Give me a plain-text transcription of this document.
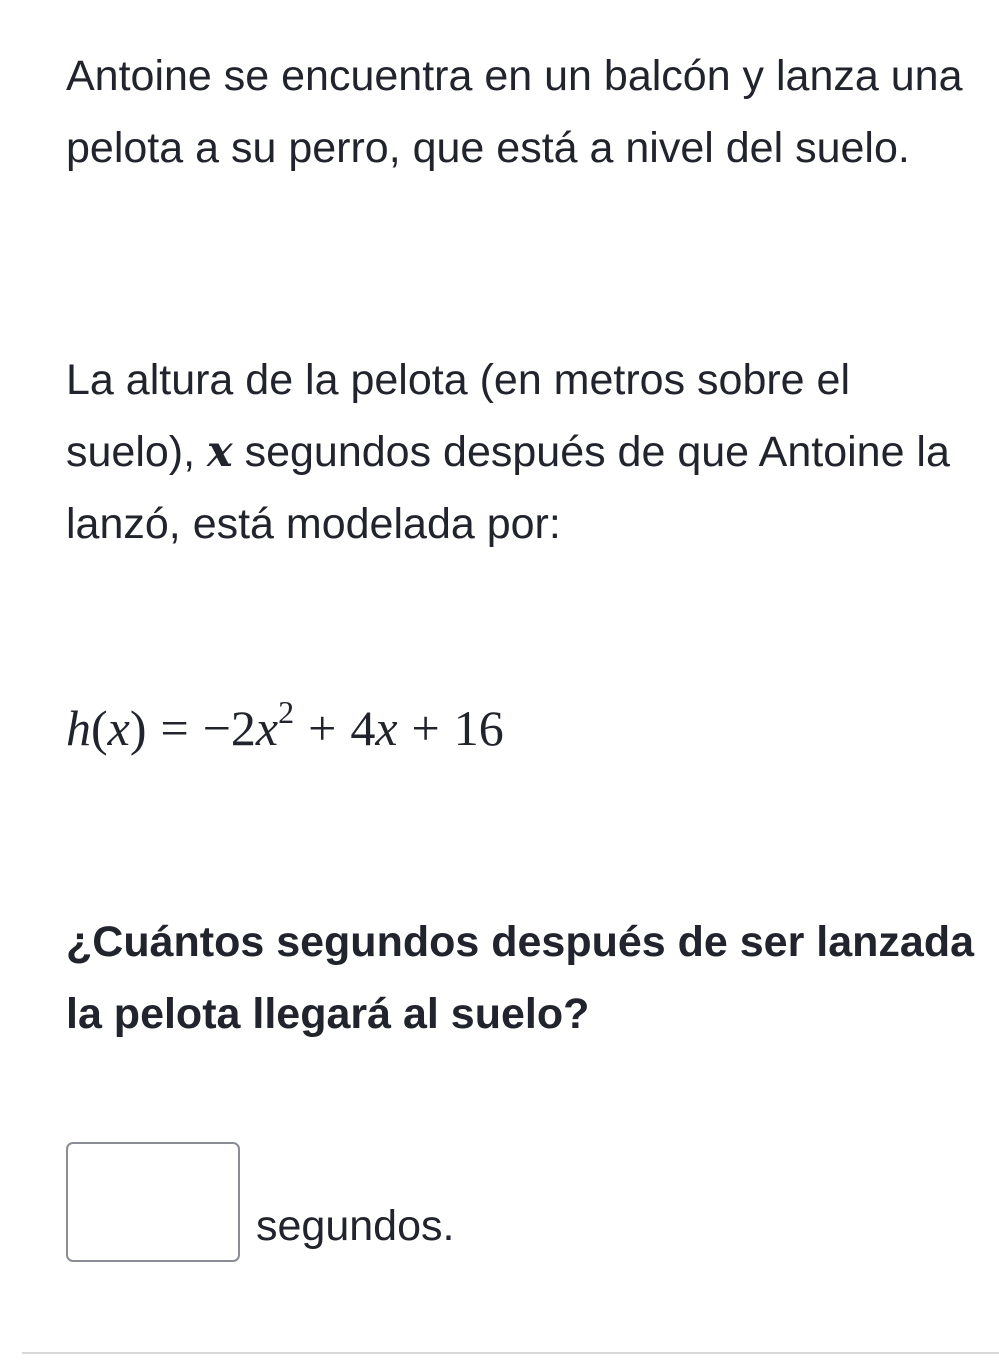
Antoine se encuentra en un balcón y lanza una pelota a su perro, que está a nivel del suelo.

La altura de la pelota (en metros sobre el suelo), x segundos después de que Antoine la lanzó, está modelada por:

$h(x) = -2x^2 + 4x + 16$

¿Cuántos segundos después de ser lanzada la pelota llegará al suelo?

segundos.
